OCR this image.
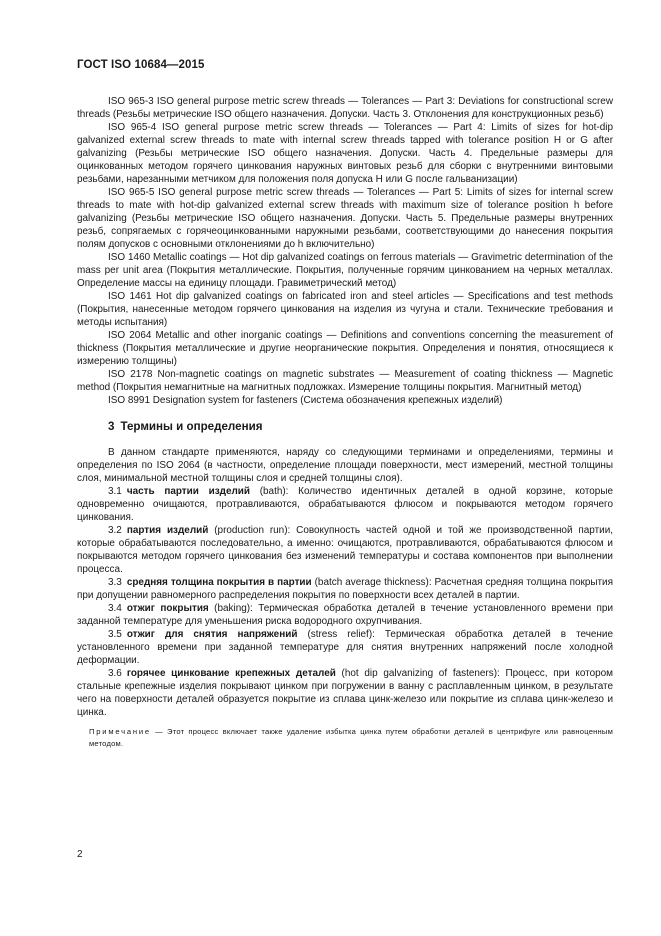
ГОСТ ISO 10684—2015

ISO 965-3 ISO general purpose metric screw threads — Tolerances — Part 3: Deviations for constructional screw threads (Резьбы метрические ISO общего назначения. Допуски. Часть 3. Отклонения для конструкционных резьб)

ISO 965-4 ISO general purpose metric screw threads — Tolerances — Part 4: Limits of sizes for hot-dip galvanized external screw threads to mate with internal screw threads tapped with tolerance position H or G after galvanizing (Резьбы метрические ISO общего назначения. Допуски. Часть 4. Предельные размеры для оцинкованных методом горячего цинкования наружных винтовых резьб для сборки с внутренними винтовыми резьбами, нарезанными метчиком для положения поля допуска H или G после гальванизации)

ISO 965-5 ISO general purpose metric screw threads — Tolerances — Part 5: Limits of sizes for internal screw threads to mate with hot-dip galvanized external screw threads with maximum size of tolerance position h before galvanizing (Резьбы метрические ISO общего назначения. Допуски. Часть 5. Предельные размеры внутренних резьб, сопрягаемых с горячеоцинкованными наружными резьбами, соответствующими до нанесения покрытия полям допусков с основными отклонениями до h включительно)

ISO 1460 Metallic coatings — Hot dip galvanized coatings on ferrous materials — Gravimetric determination of the mass per unit area (Покрытия металлические. Покрытия, полученные горячим цинкованием на черных металлах. Определение массы на единицу площади. Гравиметрический метод)

ISO 1461 Hot dip galvanized coatings on fabricated iron and steel articles — Specifications and test methods (Покрытия, нанесенные методом горячего цинкования на изделия из чугуна и стали. Технические требования и методы испытания)

ISO 2064 Metallic and other inorganic coatings — Definitions and conventions concerning the measurement of thickness (Покрытия металлические и другие неорганические покрытия. Определения и понятия, относящиеся к измерению толщины)

ISO 2178 Non-magnetic coatings on magnetic substrates — Measurement of coating thickness — Magnetic method (Покрытия немагнитные на магнитных подложках. Измерение толщины покрытия. Магнитный метод)

ISO 8991 Designation system for fasteners (Система обозначения крепежных изделий)

3 Термины и определения

В данном стандарте применяются, наряду со следующими терминами и определениями, термины и определения по ISO 2064 (в частности, определение площади поверхности, мест измерений, местной толщины слоя, минимальной местной толщины слоя и средней толщины слоя).

3.1 часть партии изделий (bath): Количество идентичных деталей в одной корзине, которые одновременно очищаются, протравливаются, обрабатываются флюсом и покрываются методом горячего цинкования.

3.2 партия изделий (production run): Совокупность частей одной и той же производственной партии, которые обрабатываются последовательно, а именно: очищаются, протравливаются, обрабатываются флюсом и покрываются методом горячего цинкования без изменений температуры и состава компонентов при выполнении процесса.

3.3 средняя толщина покрытия в партии (batch average thickness): Расчетная средняя толщина покрытия при допущении равномерного распределения покрытия по поверхности всех деталей в партии.

3.4 отжиг покрытия (baking): Термическая обработка деталей в течение установленного времени при заданной температуре для уменьшения риска водородного охрупчивания.

3.5 отжиг для снятия напряжений (stress relief): Термическая обработка деталей в течение установленного времени при заданной температуре для снятия внутренних напряжений после холодной деформации.

3.6 горячее цинкование крепежных деталей (hot dip galvanizing of fasteners): Процесс, при котором стальные крепежные изделия покрывают цинком при погружении в ванну с расплавленным цинком, в результате чего на поверхности деталей образуется покрытие из сплава цинк-железо или покрытие из сплава цинк-железо и цинка.

Примечание — Этот процесс включает также удаление избытка цинка путем обработки деталей в центрифуге или равноценным методом.

2
